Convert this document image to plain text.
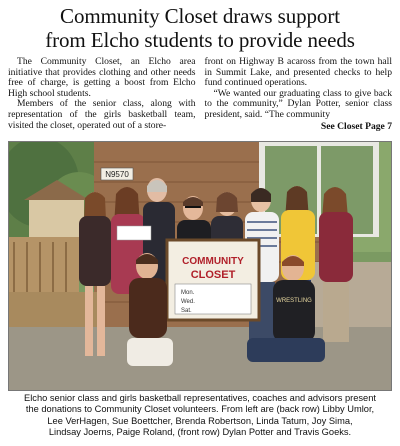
Community Closet draws support
from Elcho students to provide needs

The Community Closet, an Elcho area initiative that provides clothing and other needs free of charge, is getting a boost from Elcho High school students.

Members of the senior class, along with representation of the girls basketball team, visited the closet, operated out of a store-

front on Highway B acaross from the town hall in Summit Lake, and presented checks to help fund continued operations.

“We wanted our graduating class to give back to the community,” Dylan Potter, senior class president, said. “The community

See Closet Page 7
N9570
COMMUNITY
CLOSET
Mon.
Wed.
Sat.
WRESTLING
Elcho senior class and girls basketball representatives, coaches and advisors present
the donations to Community Closet volunteers. From left are (back row) Libby Umlor,
Lee VerHagen, Sue Boettcher, Brenda Robertson, Linda Tatum, Joy Sima,
Lindsay Joerns, Paige Roland, (front row) Dylan Potter and Travis Goeks.
